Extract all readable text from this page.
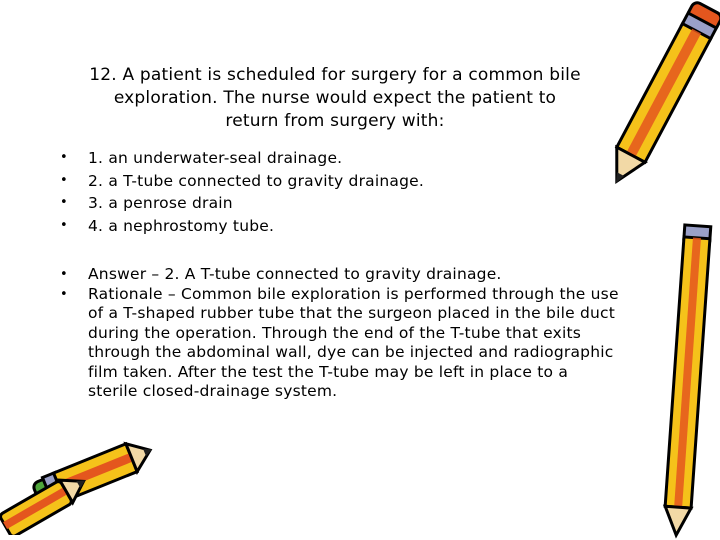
12. A patient is scheduled for surgery for a common bile
exploration. The nurse would expect the patient to
return from surgery with:
• 1. an underwater-seal drainage.
• 2. a T-tube connected to gravity drainage.
• 3. a penrose drain
• 4. a nephrostomy tube.
• Answer – 2. A T-tube connected to gravity drainage.
• Rationale – Common bile exploration is performed through the use
of a T-shaped rubber tube that the surgeon placed in the bile duct
during the operation. Through the end of the T-tube that exits
through the abdominal wall, dye can be injected and radiographic
film taken. After the test the T-tube may be left in place to a
sterile closed-drainage system.
